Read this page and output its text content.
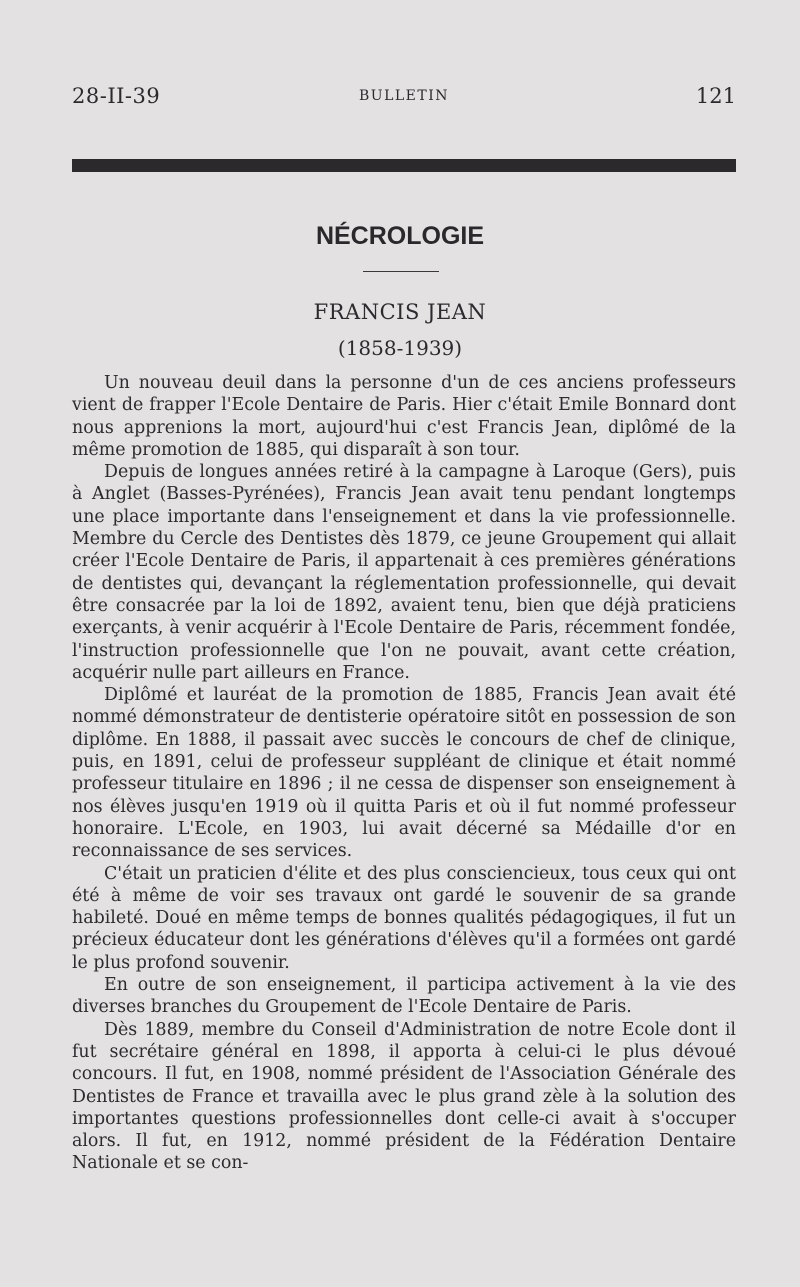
28-II-39	BULLETIN	121
NÉCROLOGIE
FRANCIS JEAN
(1858-1939)

Un nouveau deuil dans la personne d'un de ces anciens professeurs vient de frapper l'Ecole Dentaire de Paris. Hier c'était Emile Bonnard dont nous apprenions la mort, aujourd'hui c'est Francis Jean, diplômé de la même promotion de 1885, qui disparaît à son tour.

Depuis de longues années retiré à la campagne à Laroque (Gers), puis à Anglet (Basses-Pyrénées), Francis Jean avait tenu pendant longtemps une place importante dans l'enseignement et dans la vie professionnelle. Membre du Cercle des Dentistes dès 1879, ce jeune Groupement qui allait créer l'Ecole Dentaire de Paris, il appartenait à ces premières générations de dentistes qui, devançant la réglementation professionnelle, qui devait être consacrée par la loi de 1892, avaient tenu, bien que déjà praticiens exerçants, à venir acquérir à l'Ecole Dentaire de Paris, récemment fondée, l'instruction professionnelle que l'on ne pouvait, avant cette création, acquérir nulle part ailleurs en France.

Diplômé et lauréat de la promotion de 1885, Francis Jean avait été nommé démonstrateur de dentisterie opératoire sitôt en possession de son diplôme. En 1888, il passait avec succès le concours de chef de clinique, puis, en 1891, celui de professeur suppléant de clinique et était nommé professeur titulaire en 1896 ; il ne cessa de dispenser son enseignement à nos élèves jusqu'en 1919 où il quitta Paris et où il fut nommé professeur honoraire. L'Ecole, en 1903, lui avait décerné sa Médaille d'or en reconnaissance de ses services.

C'était un praticien d'élite et des plus consciencieux, tous ceux qui ont été à même de voir ses travaux ont gardé le souvenir de sa grande habileté. Doué en même temps de bonnes qualités pédagogiques, il fut un précieux éducateur dont les générations d'élèves qu'il a formées ont gardé le plus profond souvenir.

En outre de son enseignement, il participa activement à la vie des diverses branches du Groupement de l'Ecole Dentaire de Paris.

Dès 1889, membre du Conseil d'Administration de notre Ecole dont il fut secrétaire général en 1898, il apporta à celui-ci le plus dévoué concours. Il fut, en 1908, nommé président de l'Association Générale des Dentistes de France et travailla avec le plus grand zèle à la solution des importantes questions professionnelles dont celle-ci avait à s'occuper alors. Il fut, en 1912, nommé président de la Fédération Dentaire Nationale et se con-
